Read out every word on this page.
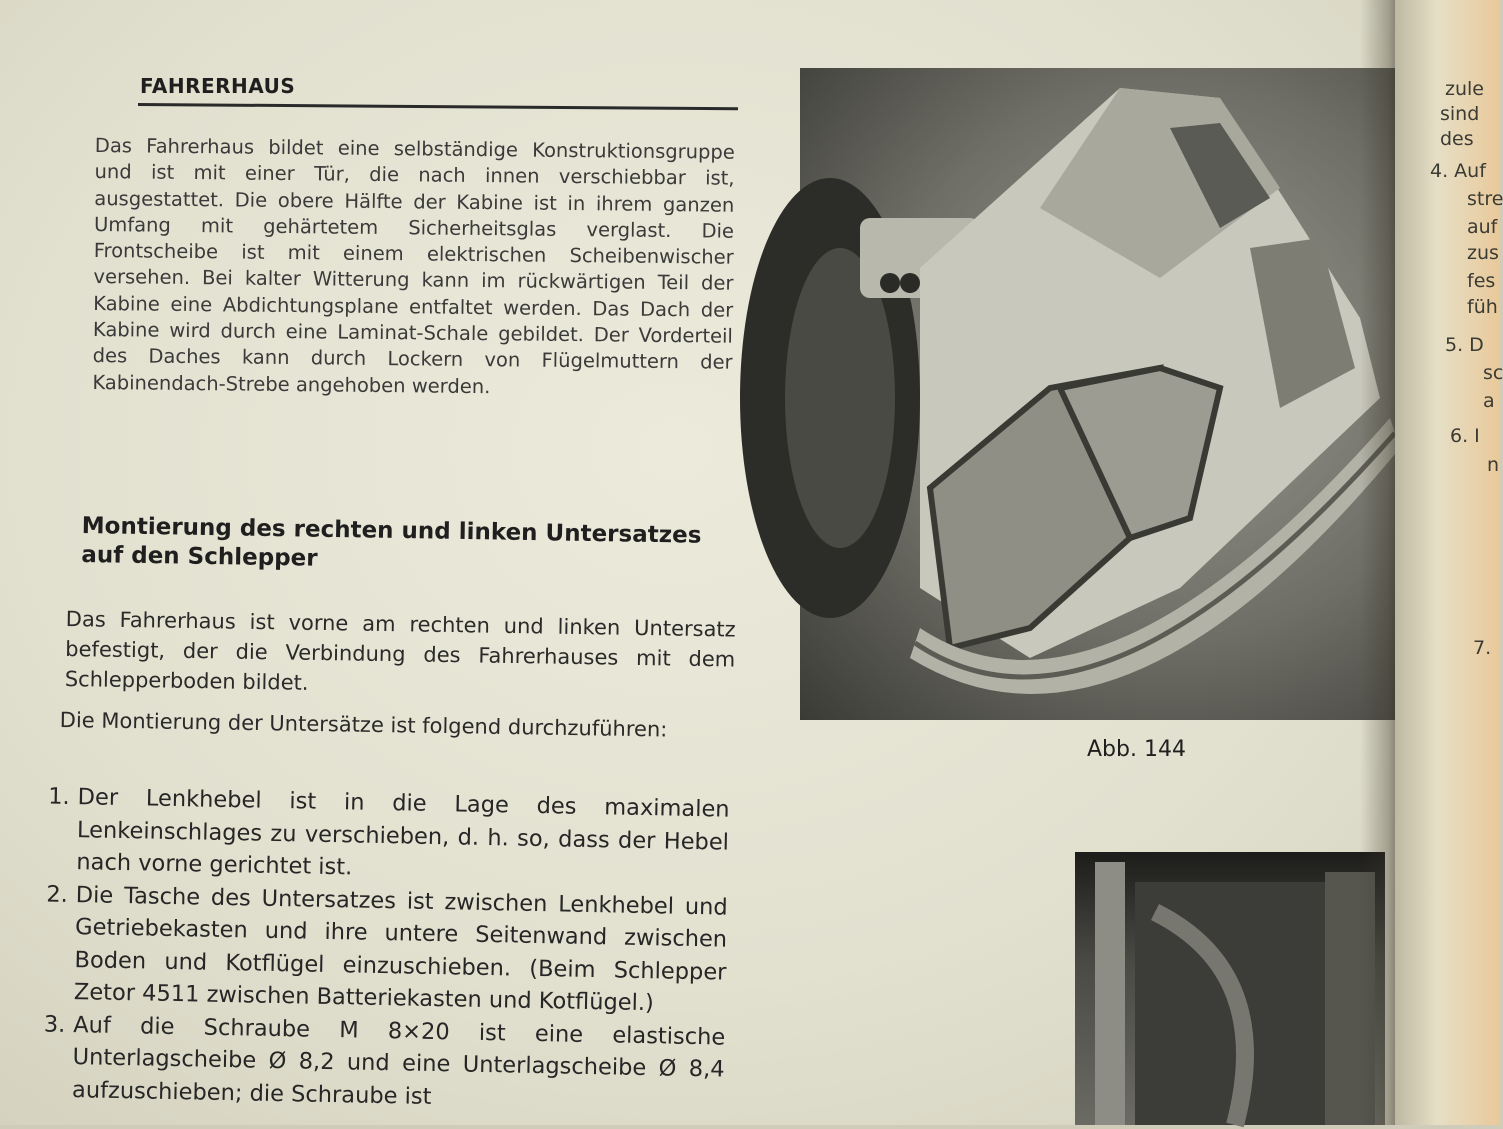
FAHRERHAUS

Das Fahrerhaus bildet eine selbständige Konstruktionsgruppe und ist mit einer Tür, die nach innen verschiebbar ist, ausgestattet. Die obere Hälfte der Kabine ist in ihrem ganzen Umfang mit gehärtetem Sicherheitsglas verglast. Die Frontscheibe ist mit einem elektrischen Scheibenwischer versehen. Bei kalter Witterung kann im rückwärtigen Teil der Kabine eine Abdichtungsplane entfaltet werden. Das Dach der Kabine wird durch eine Laminat-Schale gebildet. Der Vorderteil des Daches kann durch Lockern von Flügelmuttern der Kabinendach-Strebe angehoben werden.

Montierung des rechten und linken Untersatzes auf den Schlepper

Das Fahrerhaus ist vorne am rechten und linken Untersatz befestigt, der die Verbindung des Fahrerhauses mit dem Schlepperboden bildet.

Die Montierung der Untersätze ist folgend durchzuführen:

1. Der Lenkhebel ist in die Lage des maximalen Lenkeinschlages zu verschieben, d. h. so, dass der Hebel nach vorne gerichtet ist.
2. Die Tasche des Untersatzes ist zwischen Lenkhebel und Getriebekasten und ihre untere Seitenwand zwischen Boden und Kotflügel einzuschieben. (Beim Schlepper Zetor 4511 zwischen Batteriekasten und Kotflügel.)
3. Auf die Schraube M 8×20 ist eine elastische Unterlagscheibe Ø 8,2 und eine Unterlagscheibe Ø 8,4 aufzuschieben; die Schraube ist

Abb. 144

zule

sind

des

4. Auf

stre

auf

zus

fes

füh

5. D

sc

a

6. I

n

7.
